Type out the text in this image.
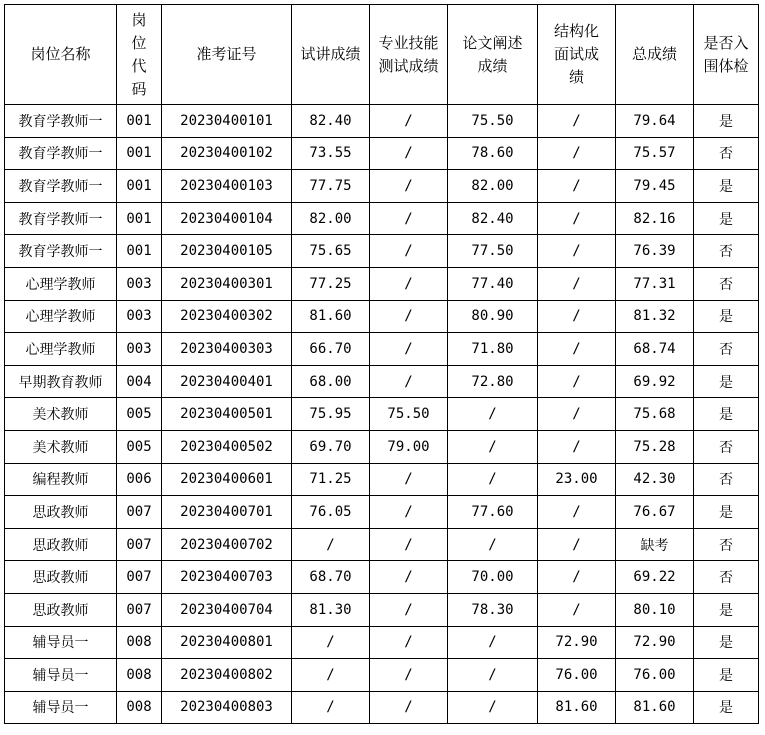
岗位名称	岗位代码	准考证号	试讲成绩	专业技能测试成绩	论文阐述成绩	结构化面试成绩	总成绩	是否入围体检
教育学教师一	001	20230400101	82.40	/	75.50	/	79.64	是
教育学教师一	001	20230400102	73.55	/	78.60	/	75.57	否
教育学教师一	001	20230400103	77.75	/	82.00	/	79.45	是
教育学教师一	001	20230400104	82.00	/	82.40	/	82.16	是
教育学教师一	001	20230400105	75.65	/	77.50	/	76.39	否
心理学教师	003	20230400301	77.25	/	77.40	/	77.31	否
心理学教师	003	20230400302	81.60	/	80.90	/	81.32	是
心理学教师	003	20230400303	66.70	/	71.80	/	68.74	否
早期教育教师	004	20230400401	68.00	/	72.80	/	69.92	是
美术教师	005	20230400501	75.95	75.50	/	/	75.68	是
美术教师	005	20230400502	69.70	79.00	/	/	75.28	否
编程教师	006	20230400601	71.25	/	/	23.00	42.30	否
思政教师	007	20230400701	76.05	/	77.60	/	76.67	是
思政教师	007	20230400702	/	/	/	/	缺考	否
思政教师	007	20230400703	68.70	/	70.00	/	69.22	否
思政教师	007	20230400704	81.30	/	78.30	/	80.10	是
辅导员一	008	20230400801	/	/	/	72.90	72.90	是
辅导员一	008	20230400802	/	/	/	76.00	76.00	是
辅导员一	008	20230400803	/	/	/	81.60	81.60	是
